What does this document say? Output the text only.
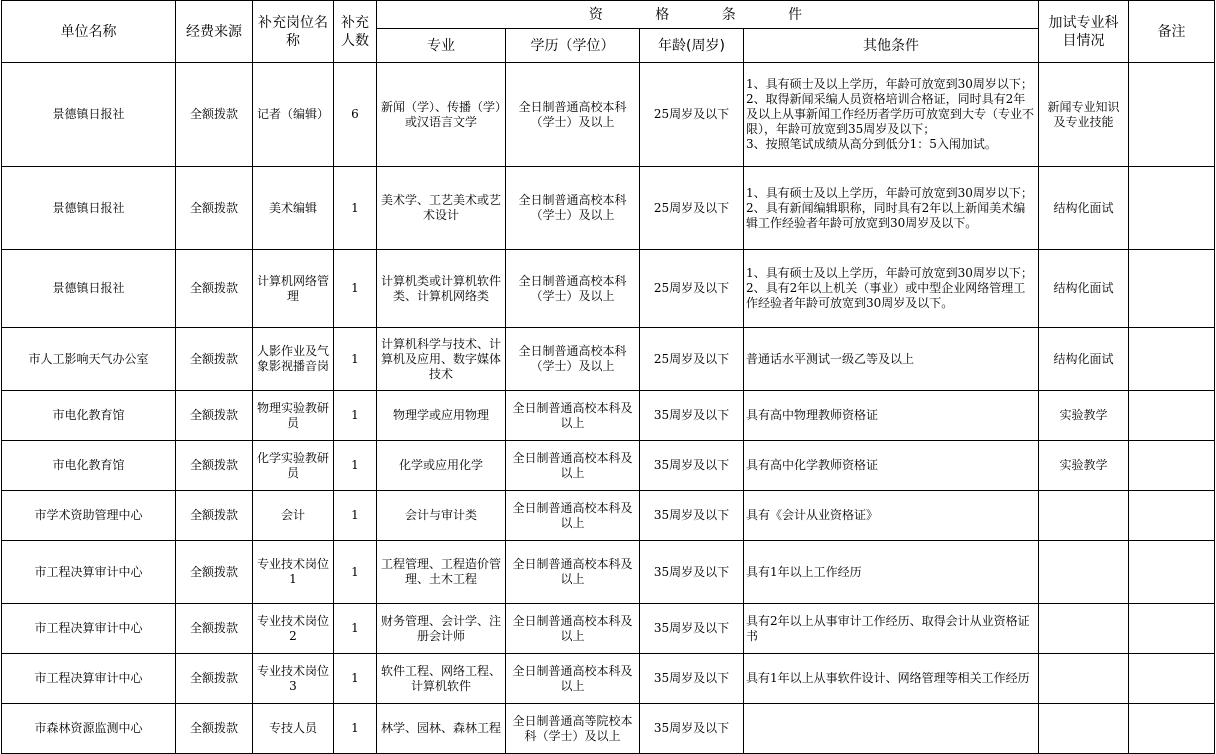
单位名称	经费来源	补充岗位名称	补充人数	资 格 条 件				加试专业科目情况	备注
				专业	学历（学位）	年龄(周岁)	其他条件		
景德镇日报社	全额拨款	记者（编辑）	6	新闻（学）、传播（学）或汉语言文学	全日制普通高校本科（学士）及以上	25周岁及以下	1、具有硕士及以上学历，年龄可放宽到30周岁以下；
2、取得新闻采编人员资格培训合格证，同时具有2年及以上从事新闻工作经历者学历可放宽到大专（专业不限），年龄可放宽到35周岁及以下；
3、按照笔试成绩从高分到低分1：5入闱加试。	新闻专业知识及专业技能	
景德镇日报社	全额拨款	美术编辑	1	美术学、工艺美术或艺术设计	全日制普通高校本科（学士）及以上	25周岁及以下	1、具有硕士及以上学历，年龄可放宽到30周岁以下；
2、具有新闻编辑职称，同时具有2年以上新闻美术编辑工作经验者年龄可放宽到30周岁及以下。	结构化面试	
景德镇日报社	全额拨款	计算机网络管理	1	计算机类或计算机软件类、计算机网络类	全日制普通高校本科（学士）及以上	25周岁及以下	1、具有硕士及以上学历，年龄可放宽到30周岁以下；
2、具有2年以上机关（事业）或中型企业网络管理工作经验者年龄可放宽到30周岁及以下。	结构化面试	
市人工影响天气办公室	全额拨款	人影作业及气象影视播音岗	1	计算机科学与技术、计算机及应用、数字媒体技术	全日制普通高校本科（学士）及以上	25周岁及以下	普通话水平测试一级乙等及以上	结构化面试	
市电化教育馆	全额拨款	物理实验教研员	1	物理学或应用物理	全日制普通高校本科及以上	35周岁及以下	具有高中物理教师资格证	实验教学	
市电化教育馆	全额拨款	化学实验教研员	1	化学或应用化学	全日制普通高校本科及以上	35周岁及以下	具有高中化学教师资格证	实验教学	
市学术资助管理中心	全额拨款	会计	1	会计与审计类	全日制普通高校本科及以上	35周岁及以下	具有《会计从业资格证》		
市工程决算审计中心	全额拨款	专业技术岗位1	1	工程管理、工程造价管理、土木工程	全日制普通高校本科及以上	35周岁及以下	具有1年以上工作经历		
市工程决算审计中心	全额拨款	专业技术岗位2	1	财务管理、会计学、注册会计师	全日制普通高校本科及以上	35周岁及以下	具有2年以上从事审计工作经历、取得会计从业资格证书		
市工程决算审计中心	全额拨款	专业技术岗位3	1	软件工程、网络工程、计算机软件	全日制普通高校本科及以上	35周岁及以下	具有1年以上从事软件设计、网络管理等相关工作经历		
市森林资源监测中心	全额拨款	专技人员	1	林学、园林、森林工程	全日制普通高等院校本科（学士）及以上	35周岁及以下			
